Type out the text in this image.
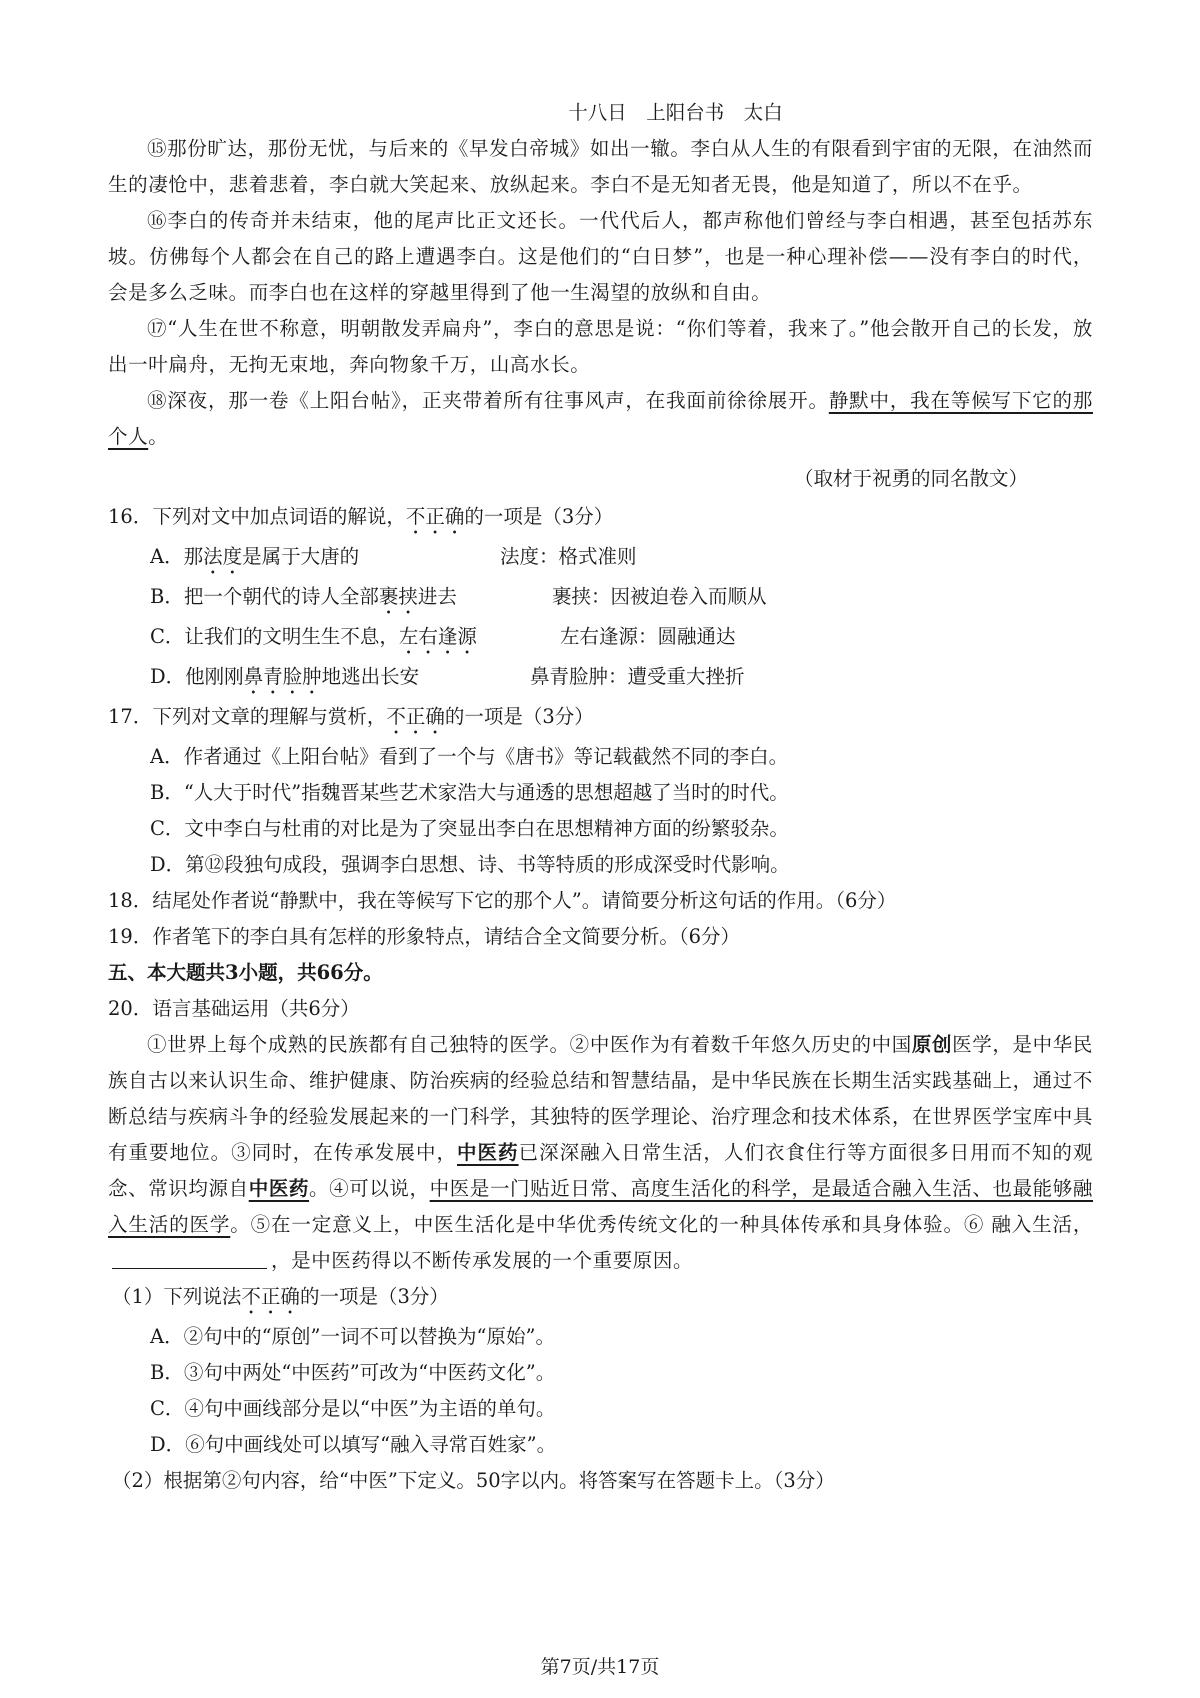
十八日　上阳台书　太白

⑮那份旷达，那份无忧，与后来的《早发白帝城》如出一辙。李白从人生的有限看到宇宙的无限，在油然而生的凄怆中，悲着悲着，李白就大笑起来、放纵起来。李白不是无知者无畏，他是知道了，所以不在乎。

⑯李白的传奇并未结束，他的尾声比正文还长。一代代后人，都声称他们曾经与李白相遇，甚至包括苏东坡。仿佛每个人都会在自己的路上遭遇李白。这是他们的“白日梦”，也是一种心理补偿——没有李白的时代，会是多么乏味。而李白也在这样的穿越里得到了他一生渴望的放纵和自由。

⑰“人生在世不称意，明朝散发弄扁舟”，李白的意思是说：“你们等着，我来了。”他会散开自己的长发，放出一叶扁舟，无拘无束地，奔向物象千万，山高水长。

⑱深夜，那一卷《上阳台帖》，正夹带着所有往事风声，在我面前徐徐展开。静默中，我在等候写下它的那个人。

（取材于祝勇的同名散文）

16．下列对文中加点词语的解说，不正确的一项是（3分）

A．那法度是属于大唐的	法度：格式准则

B．把一个朝代的诗人全部裹挟进去	裹挟：因被迫卷入而顺从

C．让我们的文明生生不息，左右逢源	左右逢源：圆融通达

D．他刚刚鼻青脸肿地逃出长安	鼻青脸肿：遭受重大挫折

17．下列对文章的理解与赏析，不正确的一项是（3分）

A．作者通过《上阳台帖》看到了一个与《唐书》等记载截然不同的李白。

B．“人大于时代”指魏晋某些艺术家浩大与通透的思想超越了当时的时代。

C．文中李白与杜甫的对比是为了突显出李白在思想精神方面的纷繁驳杂。

D．第⑫段独句成段，强调李白思想、诗、书等特质的形成深受时代影响。

18．结尾处作者说“静默中，我在等候写下它的那个人”。请简要分析这句话的作用。（6分）

19．作者笔下的李白具有怎样的形象特点，请结合全文简要分析。（6分）

五、本大题共3小题，共66分。

20．语言基础运用（共6分）

①世界上每个成熟的民族都有自己独特的医学。②中医作为有着数千年悠久历史的中国原创医学，是中华民族自古以来认识生命、维护健康、防治疾病的经验总结和智慧结晶，是中华民族在长期生活实践基础上，通过不断总结与疾病斗争的经验发展起来的一门科学，其独特的医学理论、治疗理念和技术体系，在世界医学宝库中具有重要地位。③同时，在传承发展中，中医药已深深融入日常生活，人们衣食住行等方面很多日用而不知的观念、常识均源自中医药。④可以说，中医是一门贴近日常、高度生活化的科学，是最适合融入生活、也最能够融入生活的医学。⑤在一定意义上，中医生活化是中华优秀传统文化的一种具体传承和具身体验。⑥ 融入生活，，是中医药得以不断传承发展的一个重要原因。

（1）下列说法不正确的一项是（3分）

A．②句中的“原创”一词不可以替换为“原始”。

B．③句中两处“中医药”可改为“中医药文化”。

C．④句中画线部分是以“中医”为主语的单句。

D．⑥句中画线处可以填写“融入寻常百姓家”。

（2）根据第②句内容，给“中医”下定义。50字以内。将答案写在答题卡上。（3分）

第7页/共17页
